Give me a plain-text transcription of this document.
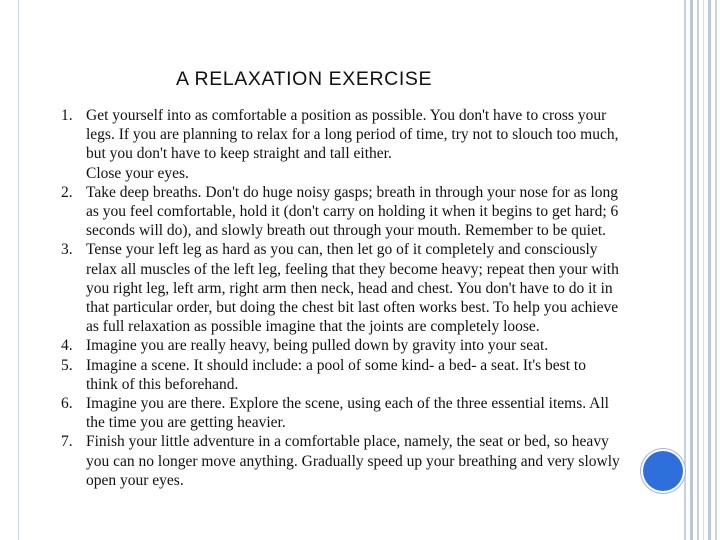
A RELAXATION EXERCISE
1. Get yourself into as comfortable a position as possible. You don't have to cross your
legs. If you are planning to relax for a long period of time, try not to slouch too much,
but you don't have to keep straight and tall either.
Close your eyes.
2. Take deep breaths. Don't do huge noisy gasps; breath in through your nose for as long
as you feel comfortable, hold it (don't carry on holding it when it begins to get hard; 6
seconds will do), and slowly breath out through your mouth. Remember to be quiet.
3. Tense your left leg as hard as you can, then let go of it completely and consciously
relax all muscles of the left leg, feeling that they become heavy; repeat then your with
you right leg, left arm, right arm then neck, head and chest. You don't have to do it in
that particular order, but doing the chest bit last often works best. To help you achieve
as full relaxation as possible imagine that the joints are completely loose.
4. Imagine you are really heavy, being pulled down by gravity into your seat.
5. Imagine a scene. It should include: a pool of some kind- a bed- a seat. It's best to
think of this beforehand.
6. Imagine you are there. Explore the scene, using each of the three essential items. All
the time you are getting heavier.
7. Finish your little adventure in a comfortable place, namely, the seat or bed, so heavy
you can no longer move anything. Gradually speed up your breathing and very slowly
open your eyes.
